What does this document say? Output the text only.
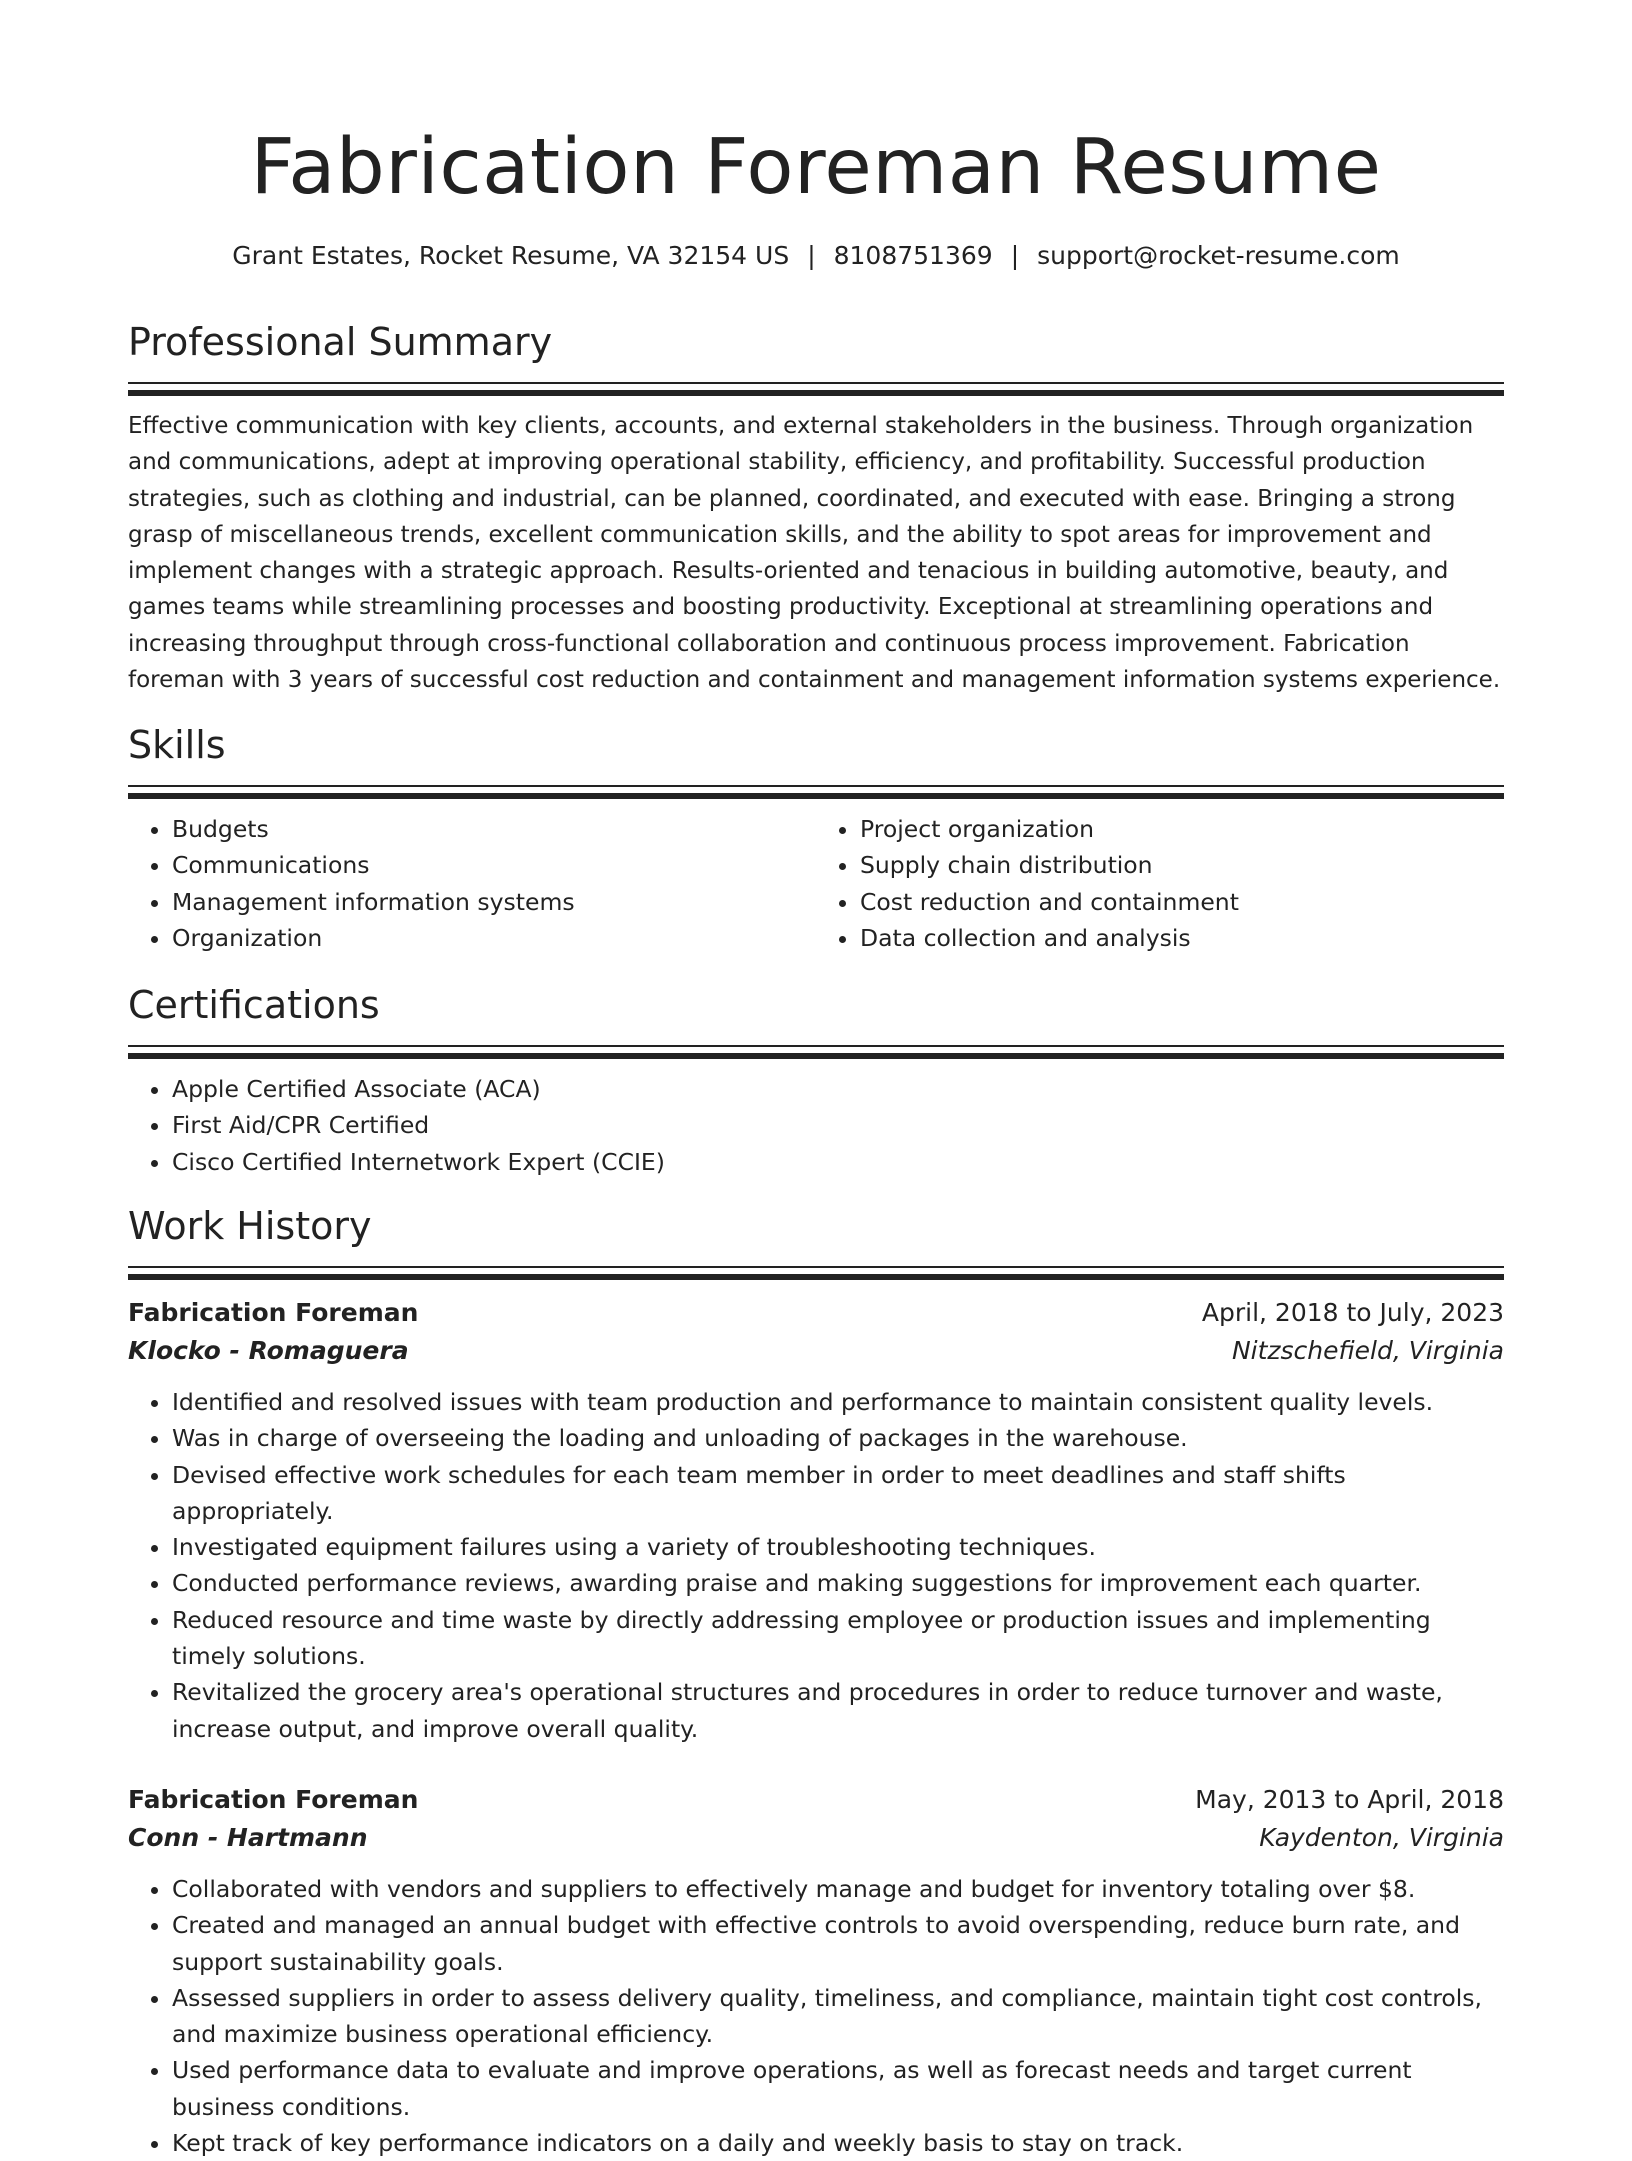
Fabrication Foreman Resume
Grant Estates, Rocket Resume, VA 32154 US | 8108751369 | support@rocket-resume.com
Professional Summary

Effective communication with key clients, accounts, and external stakeholders in the business. Through organization and communications, adept at improving operational stability, efficiency, and profitability. Successful production strategies, such as clothing and industrial, can be planned, coordinated, and executed with ease. Bringing a strong grasp of miscellaneous trends, excellent communication skills, and the ability to spot areas for improvement and implement changes with a strategic approach. Results-oriented and tenacious in building automotive, beauty, and games teams while streamlining processes and boosting productivity. Exceptional at streamlining operations and increasing throughput through cross-functional collaboration and continuous process improvement. Fabrication foreman with 3 years of successful cost reduction and containment and management information systems experience.

Skills
• Budgets
• Communications
• Management information systems
• Organization
• Project organization
• Supply chain distribution
• Cost reduction and containment
• Data collection and analysis
Certifications
• Apple Certified Associate (ACA)
• First Aid/CPR Certified
• Cisco Certified Internetwork Expert (CCIE)
Work History
Fabrication Foreman	April, 2018 to July, 2023
Klocko - Romaguera	Nitzschefield, Virginia
• Identified and resolved issues with team production and performance to maintain consistent quality levels.
• Was in charge of overseeing the loading and unloading of packages in the warehouse.
• Devised effective work schedules for each team member in order to meet deadlines and staff shifts appropriately.
• Investigated equipment failures using a variety of troubleshooting techniques.
• Conducted performance reviews, awarding praise and making suggestions for improvement each quarter.
• Reduced resource and time waste by directly addressing employee or production issues and implementing timely solutions.
• Revitalized the grocery area's operational structures and procedures in order to reduce turnover and waste, increase output, and improve overall quality.
Fabrication Foreman	May, 2013 to April, 2018
Conn - Hartmann	Kaydenton, Virginia
• Collaborated with vendors and suppliers to effectively manage and budget for inventory totaling over $8.
• Created and managed an annual budget with effective controls to avoid overspending, reduce burn rate, and support sustainability goals.
• Assessed suppliers in order to assess delivery quality, timeliness, and compliance, maintain tight cost controls, and maximize business operational efficiency.
• Used performance data to evaluate and improve operations, as well as forecast needs and target current business conditions.
• Kept track of key performance indicators on a daily and weekly basis to stay on track.
